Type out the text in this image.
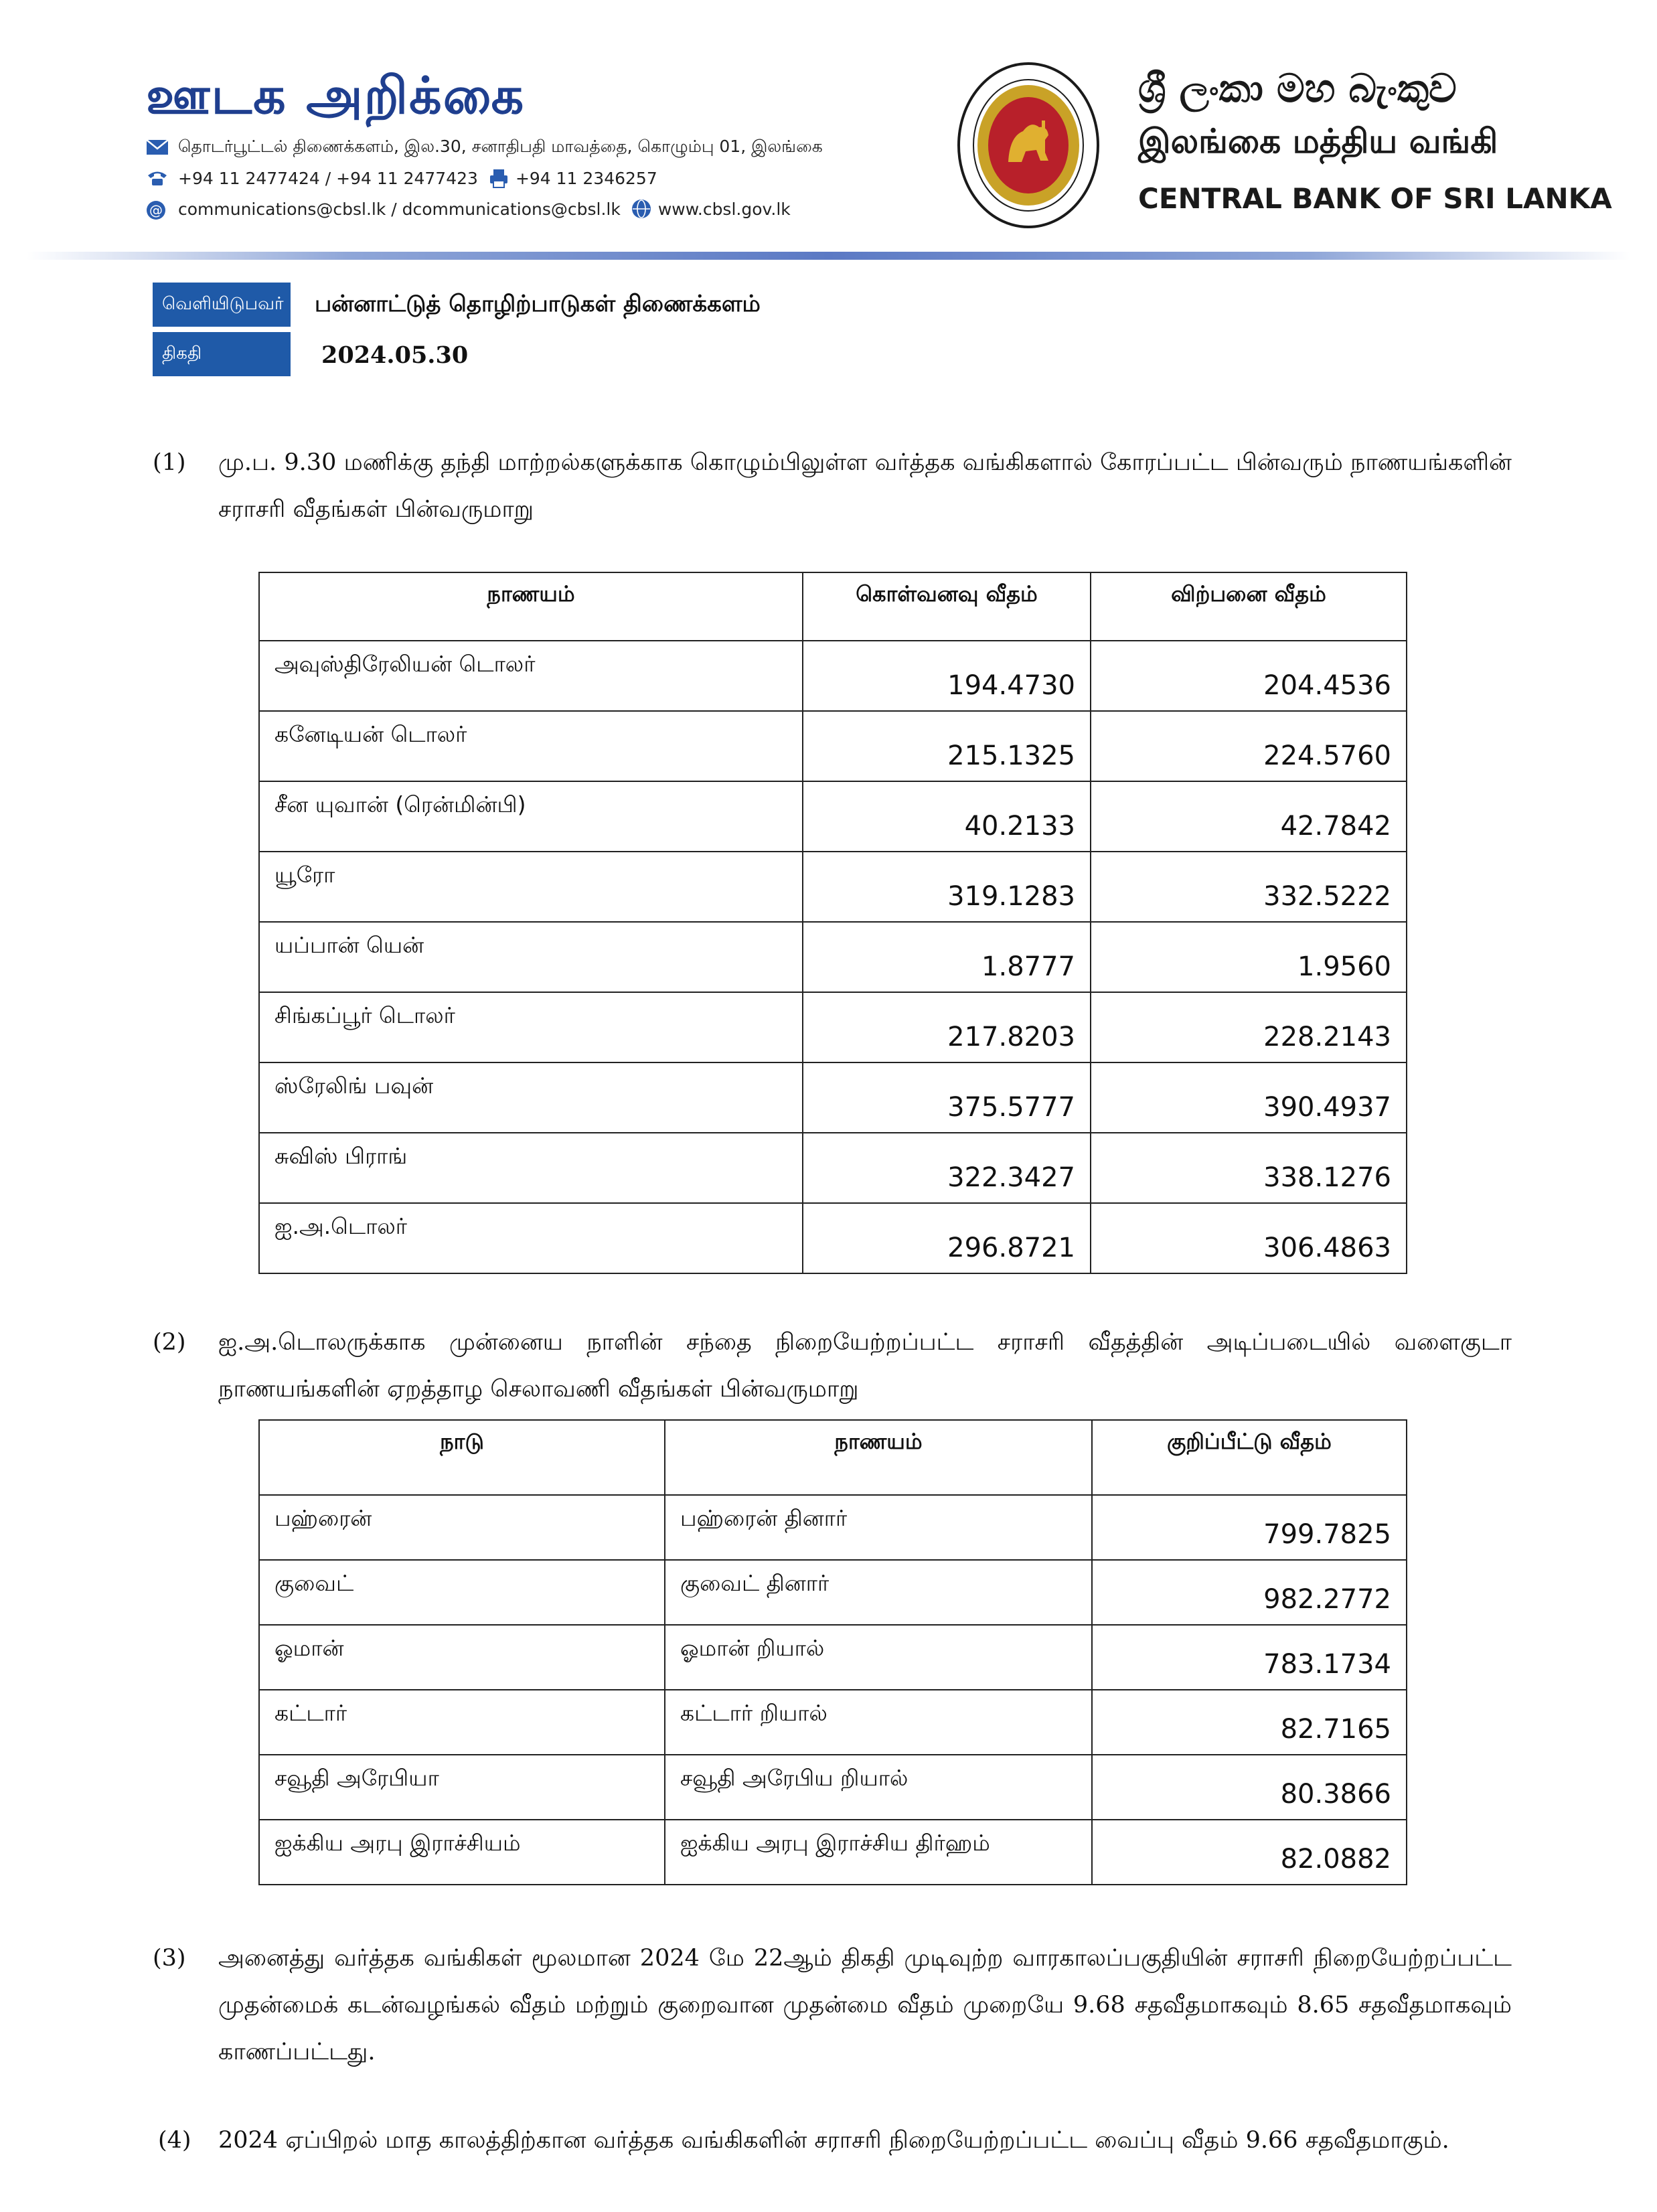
ஊடக அறிக்கை
தொடர்பூட்டல் திணைக்களம், இல.30, சனாதிபதி மாவத்தை, கொழும்பு 01, இலங்கை
+94 11 2477424 / +94 11 2477423 +94 11 2346257
@ communications@cbsl.lk / dcommunications@cbsl.lk www.cbsl.gov.lk
ශ්‍රී ලංකා මහ බැංකුව
இலங்கை மத்திய வங்கி
CENTRAL BANK OF SRI LANKA
வெளியிடுபவர்	பன்னாட்டுத் தொழிற்பாடுகள் திணைக்களம்
திகதி	2024.05.30
(1) மு.ப. 9.30 மணிக்கு தந்தி மாற்றல்களுக்காக கொழும்பிலுள்ள வர்த்தக வங்கிகளால் கோரப்பட்ட பின்வரும் நாணயங்களின் சராசரி வீதங்கள் பின்வருமாறு
நாணயம்	கொள்வனவு வீதம்	விற்பனை வீதம்
அவுஸ்திரேலியன் டொலர்	194.4730	204.4536
கனேடியன் டொலர்	215.1325	224.5760
சீன யுவான் (ரென்மின்பி)	40.2133	42.7842
யூரோ	319.1283	332.5222
யப்பான் யென்	1.8777	1.9560
சிங்கப்பூர் டொலர்	217.8203	228.2143
ஸ்ரேலிங் பவுன்	375.5777	390.4937
சுவிஸ் பிராங்	322.3427	338.1276
ஐ.அ.டொலர்	296.8721	306.4863
(2) ஐ.அ.டொலருக்காக முன்னைய நாளின் சந்தை நிறையேற்றப்பட்ட சராசரி வீதத்தின் அடிப்படையில் வளைகுடா நாணயங்களின் ஏறத்தாழ செலாவணி வீதங்கள் பின்வருமாறு
நாடு	நாணயம்	குறிப்பீட்டு வீதம்
பஹ்ரைன்	பஹ்ரைன் தினார்	799.7825
குவைட்	குவைட் தினார்	982.2772
ஓமான்	ஓமான் றியால்	783.1734
கட்டார்	கட்டார் றியால்	82.7165
சவூதி அரேபியா	சவூதி அரேபிய றியால்	80.3866
ஐக்கிய அரபு இராச்சியம்	ஐக்கிய அரபு இராச்சிய திர்ஹம்	82.0882
(3) அனைத்து வர்த்தக வங்கிகள் மூலமான 2024 மே 22ஆம் திகதி முடிவுற்ற வாரகாலப்பகுதியின் சராசரி நிறையேற்றப்பட்ட முதன்மைக் கடன்வழங்கல் வீதம் மற்றும் குறைவான முதன்மை வீதம் முறையே 9.68 சதவீதமாகவும் 8.65 சதவீதமாகவும் காணப்பட்டது.
(4) 2024 ஏப்பிறல் மாத காலத்திற்கான வர்த்தக வங்கிகளின் சராசரி நிறையேற்றப்பட்ட வைப்பு வீதம் 9.66 சதவீதமாகும்.
